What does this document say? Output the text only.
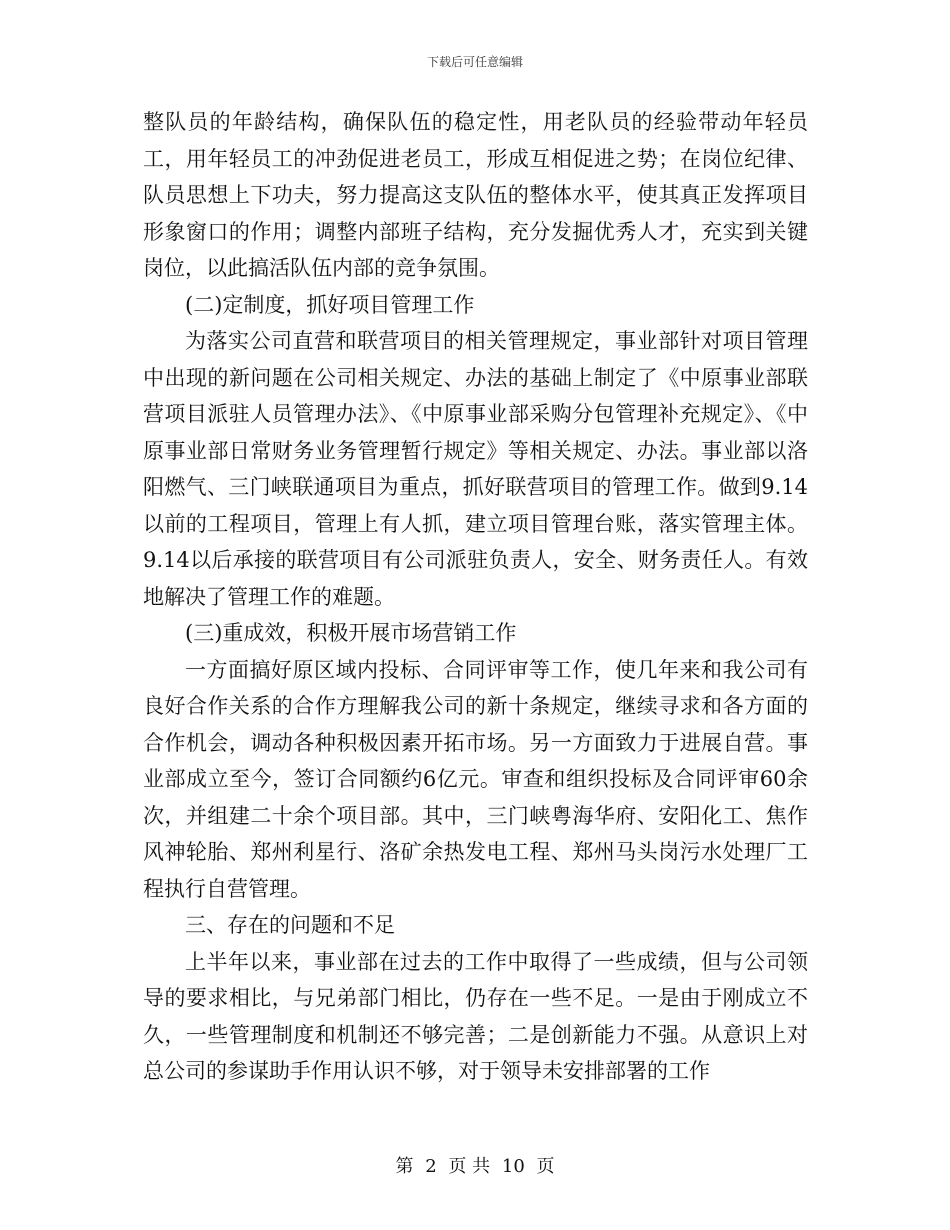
下载后可任意编辑

整队员的年龄结构，确保队伍的稳定性，用老队员的经验带动年轻员工，用年轻员工的冲劲促进老员工，形成互相促进之势；在岗位纪律、队员思想上下功夫，努力提高这支队伍的整体水平，使其真正发挥项目形象窗口的作用；调整内部班子结构，充分发掘优秀人才，充实到关键岗位，以此搞活队伍内部的竞争氛围。

(二)定制度，抓好项目管理工作

为落实公司直营和联营项目的相关管理规定，事业部针对项目管理中出现的新问题在公司相关规定、办法的基础上制定了《中原事业部联营项目派驻人员管理办法》、《中原事业部采购分包管理补充规定》、《中原事业部日常财务业务管理暂行规定》等相关规定、办法。事业部以洛阳燃气、三门峡联通项目为重点，抓好联营项目的管理工作。做到9.14以前的工程项目，管理上有人抓，建立项目管理台账，落实管理主体。9.14以后承接的联营项目有公司派驻负责人，安全、财务责任人。有效地解决了管理工作的难题。

(三)重成效，积极开展市场营销工作

一方面搞好原区域内投标、合同评审等工作，使几年来和我公司有良好合作关系的合作方理解我公司的新十条规定，继续寻求和各方面的合作机会，调动各种积极因素开拓市场。另一方面致力于进展自营。事业部成立至今，签订合同额约6亿元。审查和组织投标及合同评审60余次，并组建二十余个项目部。其中，三门峡粤海华府、安阳化工、焦作风神轮胎、郑州利星行、洛矿余热发电工程、郑州马头岗污水处理厂工程执行自营管理。

三、存在的问题和不足

上半年以来，事业部在过去的工作中取得了一些成绩，但与公司领导的要求相比，与兄弟部门相比，仍存在一些不足。一是由于刚成立不久，一些管理制度和机制还不够完善；二是创新能力不强。从意识上对总公司的参谋助手作用认识不够，对于领导未安排部署的工作

第 2 页 共 10 页
